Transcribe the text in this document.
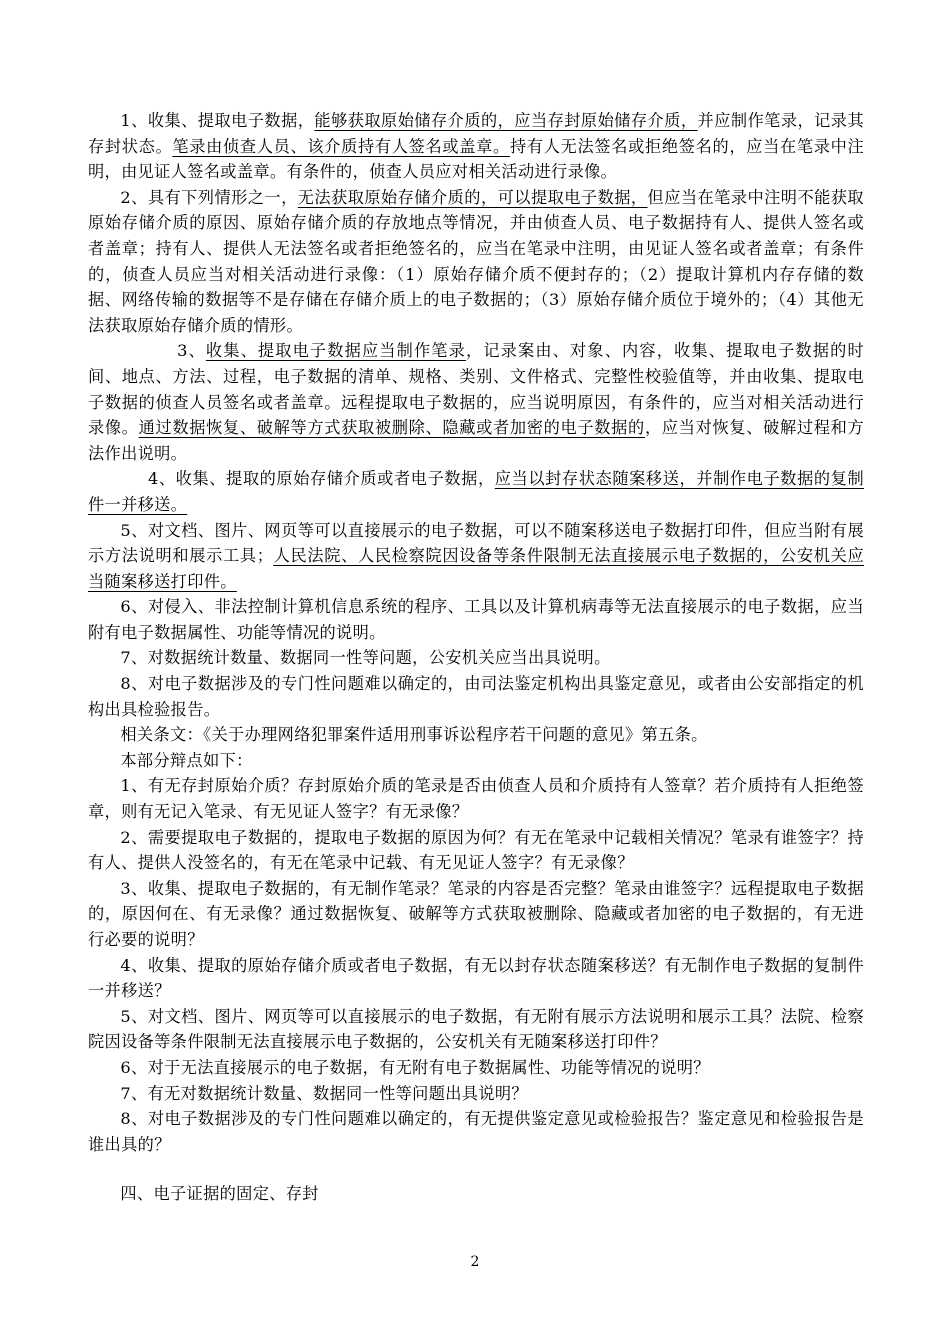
1、收集、提取电子数据，能够获取原始储存介质的，应当存封原始储存介质，并应制作笔录，记录其存封状态。笔录由侦查人员、该介质持有人签名或盖章。持有人无法签名或拒绝签名的，应当在笔录中注明，由见证人签名或盖章。有条件的，侦查人员应对相关活动进行录像。

2、具有下列情形之一，无法获取原始存储介质的，可以提取电子数据，但应当在笔录中注明不能获取原始存储介质的原因、原始存储介质的存放地点等情况，并由侦查人员、电子数据持有人、提供人签名或者盖章；持有人、提供人无法签名或者拒绝签名的，应当在笔录中注明，由见证人签名或者盖章；有条件的，侦查人员应当对相关活动进行录像：（1）原始存储介质不便封存的；（2）提取计算机内存存储的数据、网络传输的数据等不是存储在存储介质上的电子数据的；（3）原始存储介质位于境外的；（4）其他无法获取原始存储介质的情形。

3、收集、提取电子数据应当制作笔录，记录案由、对象、内容，收集、提取电子数据的时间、地点、方法、过程，电子数据的清单、规格、类别、文件格式、完整性校验值等，并由收集、提取电子数据的侦查人员签名或者盖章。远程提取电子数据的，应当说明原因，有条件的，应当对相关活动进行录像。通过数据恢复、破解等方式获取被删除、隐藏或者加密的电子数据的，应当对恢复、破解过程和方法作出说明。

4、收集、提取的原始存储介质或者电子数据，应当以封存状态随案移送，并制作电子数据的复制件一并移送。

5、对文档、图片、网页等可以直接展示的电子数据，可以不随案移送电子数据打印件，但应当附有展示方法说明和展示工具；人民法院、人民检察院因设备等条件限制无法直接展示电子数据的，公安机关应当随案移送打印件。

6、对侵入、非法控制计算机信息系统的程序、工具以及计算机病毒等无法直接展示的电子数据，应当附有电子数据属性、功能等情况的说明。

7、对数据统计数量、数据同一性等问题，公安机关应当出具说明。

8、对电子数据涉及的专门性问题难以确定的，由司法鉴定机构出具鉴定意见，或者由公安部指定的机构出具检验报告。

相关条文：《关于办理网络犯罪案件适用刑事诉讼程序若干问题的意见》第五条。

本部分辩点如下：

1、有无存封原始介质？存封原始介质的笔录是否由侦查人员和介质持有人签章？若介质持有人拒绝签章，则有无记入笔录、有无见证人签字？有无录像？

2、需要提取电子数据的，提取电子数据的原因为何？有无在笔录中记载相关情况？笔录有谁签字？持有人、提供人没签名的，有无在笔录中记载、有无见证人签字？有无录像？

3、收集、提取电子数据的，有无制作笔录？笔录的内容是否完整？笔录由谁签字？远程提取电子数据的，原因何在、有无录像？通过数据恢复、破解等方式获取被删除、隐藏或者加密的电子数据的，有无进行必要的说明？

4、收集、提取的原始存储介质或者电子数据，有无以封存状态随案移送？有无制作电子数据的复制件一并移送？

5、对文档、图片、网页等可以直接展示的电子数据，有无附有展示方法说明和展示工具？法院、检察院因设备等条件限制无法直接展示电子数据的，公安机关有无随案移送打印件？

6、对于无法直接展示的电子数据，有无附有电子数据属性、功能等情况的说明？

7、有无对数据统计数量、数据同一性等问题出具说明？

8、对电子数据涉及的专门性问题难以确定的，有无提供鉴定意见或检验报告？鉴定意见和检验报告是谁出具的？

四、电子证据的固定、存封

2
